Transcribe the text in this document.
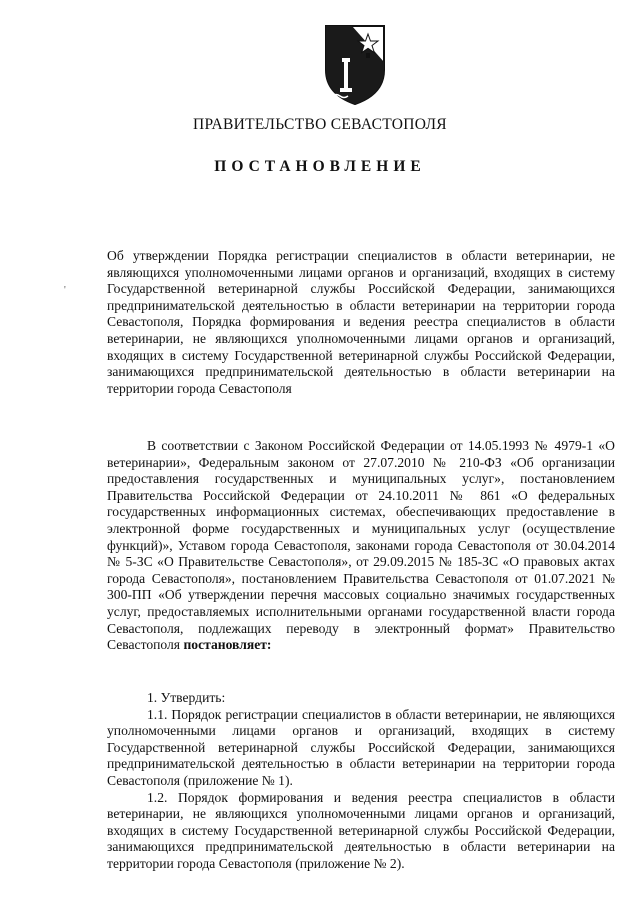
ПРАВИТЕЛЬСТВО СЕВАСТОПОЛЯ
ПОСТАНОВЛЕНИЕ
'
Об утверждении Порядка регистрации специалистов в области ветеринарии, не являющихся уполномоченными лицами органов и организаций, входящих в систему Государственной ветеринарной службы Российской Федерации, занимающихся предпринимательской деятельностью в области ветеринарии на территории города Севастополя, Порядка формирования и ведения реестра специалистов в области ветеринарии, не являющихся уполномоченными лицами органов и организаций, входящих в систему Государственной ветеринарной службы Российской Федерации, занимающихся предпринимательской деятельностью в области ветеринарии на территории города Севастополя
В соответствии с Законом Российской Федерации от 14.05.1993 № 4979-1 «О ветеринарии», Федеральным законом от 27.07.2010 № 210-ФЗ «Об организации предоставления государственных и муниципальных услуг», постановлением Правительства Российской Федерации от 24.10.2011 № 861 «О федеральных государственных информационных системах, обеспечивающих предоставление в электронной форме государственных и муниципальных услуг (осуществление функций)», Уставом города Севастополя, законами города Севастополя от 30.04.2014 № 5-ЗС «О Правительстве Севастополя», от 29.09.2015 № 185-ЗС «О правовых актах города Севастополя», постановлением Правительства Севастополя от 01.07.2021 № 300-ПП «Об утверждении перечня массовых социально значимых государственных услуг, предоставляемых исполнительными органами государственной власти города Севастополя, подлежащих переводу в электронный формат» Правительство Севастополя постановляет:

1. Утвердить:

1.1. Порядок регистрации специалистов в области ветеринарии, не являющихся уполномоченными лицами органов и организаций, входящих в систему Государственной ветеринарной службы Российской Федерации, занимающихся предпринимательской деятельностью в области ветеринарии на территории города Севастополя (приложение № 1).

1.2. Порядок формирования и ведения реестра специалистов в области ветеринарии, не являющихся уполномоченными лицами органов и организаций, входящих в систему Государственной ветеринарной службы Российской Федерации, занимающихся предпринимательской деятельностью в области ветеринарии на территории города Севастополя (приложение № 2).
